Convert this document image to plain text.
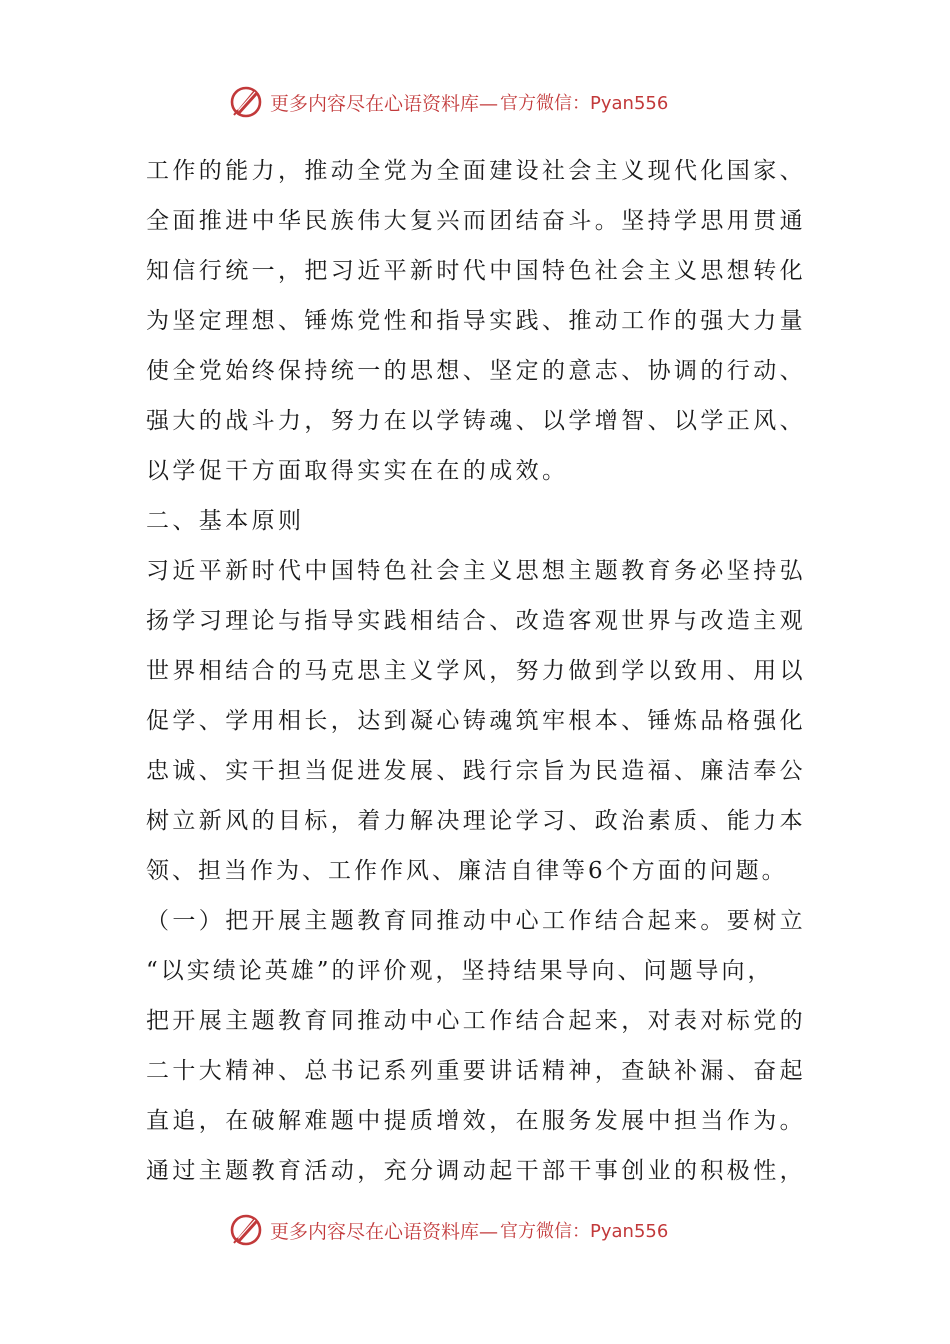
更多内容尽在心语资料库— 官方微信：Pyan556
工作的能力，推动全党为全面建设社会主义现代化国家、
全面推进中华民族伟大复兴而团结奋斗。坚持学思用贯通
知信行统一，把习近平新时代中国特色社会主义思想转化
为坚定理想、锤炼党性和指导实践、推动工作的强大力量
使全党始终保持统一的思想、坚定的意志、协调的行动、
强大的战斗力，努力在以学铸魂、以学增智、以学正风、
以学促干方面取得实实在在的成效。
二、基本原则
习近平新时代中国特色社会主义思想主题教育务必坚持弘
扬学习理论与指导实践相结合、改造客观世界与改造主观
世界相结合的马克思主义学风，努力做到学以致用、用以
促学、学用相长，达到凝心铸魂筑牢根本、锤炼品格强化
忠诚、实干担当促进发展、践行宗旨为民造福、廉洁奉公
树立新风的目标，着力解决理论学习、政治素质、能力本
领、担当作为、工作作风、廉洁自律等6个方面的问题。
（一）把开展主题教育同推动中心工作结合起来。要树立
“以实绩论英雄”的评价观，坚持结果导向、问题导向，
把开展主题教育同推动中心工作结合起来，对表对标党的
二十大精神、总书记系列重要讲话精神，查缺补漏、奋起
直追，在破解难题中提质增效，在服务发展中担当作为。
通过主题教育活动，充分调动起干部干事创业的积极性，
更多内容尽在心语资料库— 官方微信：Pyan556
